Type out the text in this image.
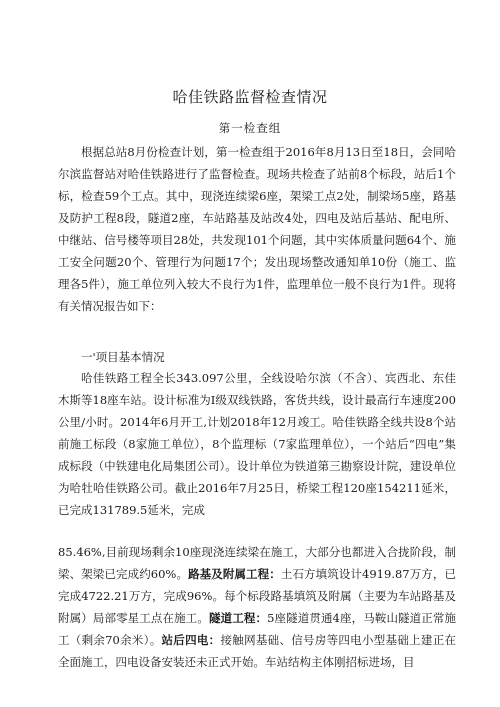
哈佳铁路监督检查情况
第一检查组
根据总站8月份检查计划，第一检查组于2016年8月13日至18日，会同哈尔滨监督站对哈佳铁路进行了监督检查。现场共检查了站前8个标段，站后1个标，检查59个工点。其中，现浇连续梁6座，架梁工点2处，制梁场5座，路基及防护工程8段，隧道2座，车站路基及站改4处，四电及站后基站、配电所、中继站、信号楼等项目28处，共发现101个问题，其中实体质量问题64个、施工安全问题20个、管理行为问题17个；发出现场整改通知单10份（施工、监理各5件），施工单位列入较大不良行为1件，监理单位一般不良行为1件。现将有关情况报告如下：
一'项目基本情况
哈佳铁路工程全长343.097公里，全线设哈尔滨（不含）、宾西北、东佳木斯等18座车站。设计标准为I级双线铁路，客货共线，设计最高行车速度200公里/小时。2014年6月开工,计划2018年12月竣工。哈佳铁路全线共设8个站前施工标段（8家施工单位），8个监理标（7家监理单位），一个站后“四电”集成标段（中铁建电化局集团公司）。设计单位为铁道第三勘察设计院，建设单位为哈牡哈佳铁路公司。截止2016年7月25日，桥梁工程120座154211延米，已完成131789.5延米，完成
85.46%,目前现场剩余10座现浇连续梁在施工，大部分也都进入合拢阶段，制梁、架梁已完成约60%。路基及附属工程：土石方填筑设计4919.87万方，已完成4722.21万方，完成96%。每个标段路基填筑及附属（主要为车站路基及附属）局部零星工点在施工。隧道工程：5座隧道贯通4座，马鞍山隧道正常施工（剩余70余米）。站后四电：接触网基础、信号房等四电小型基础上建正在全面施工，四电设备安装还未正式开始。车站结构主体刚招标进场，目
